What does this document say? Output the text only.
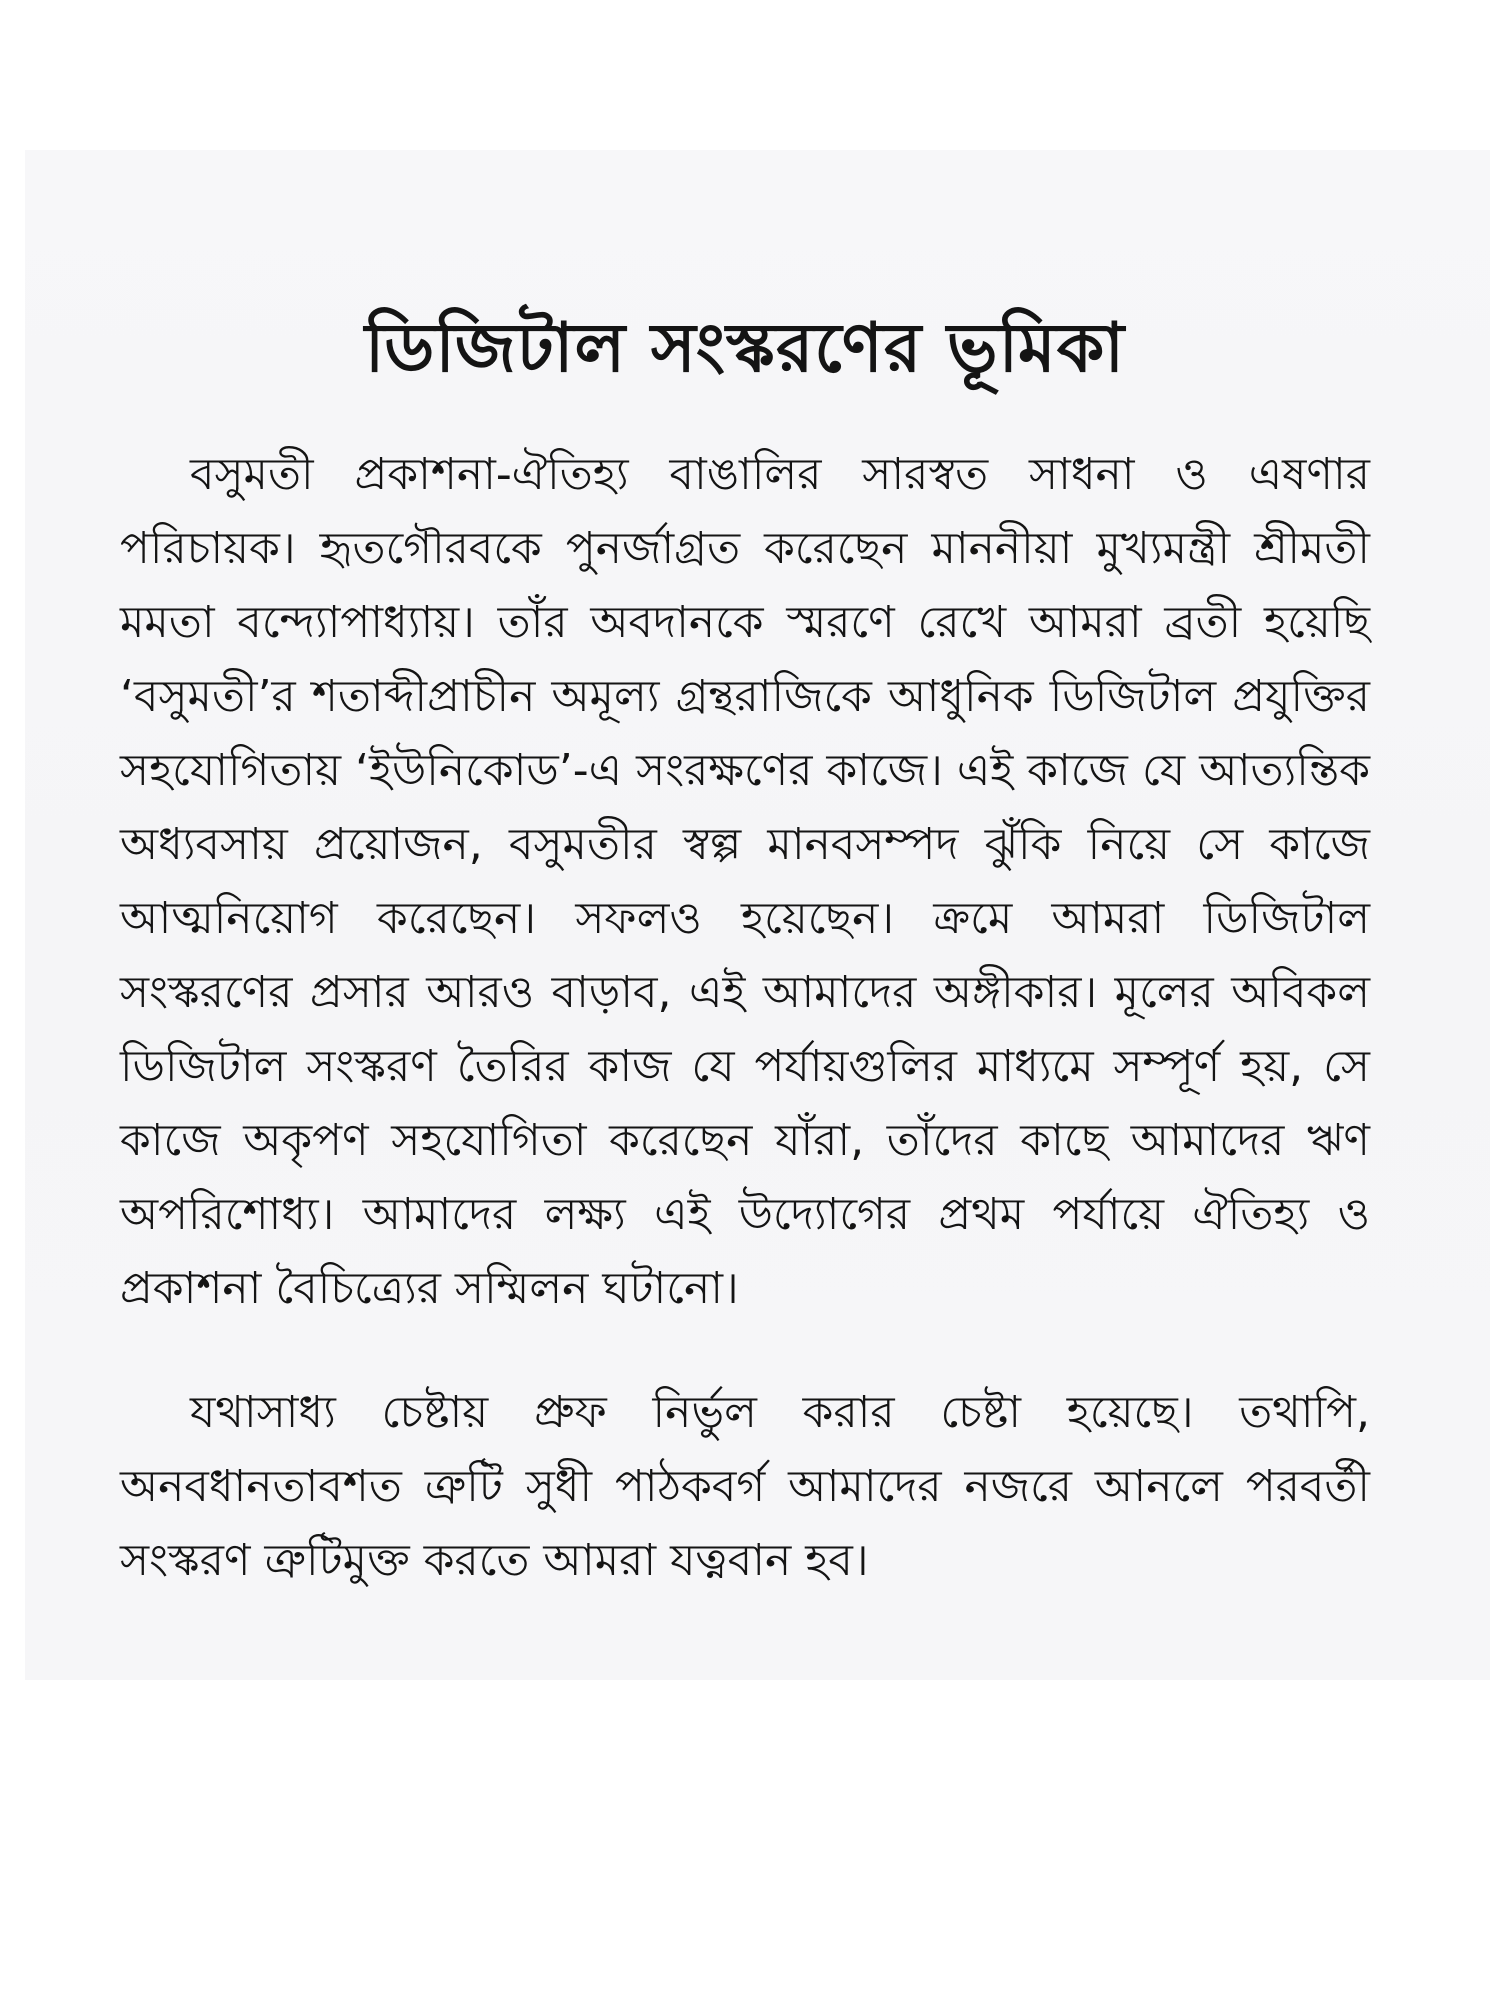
ডিজিটাল সংস্করণের ভূমিকা

বসুমতী প্রকাশনা-ঐতিহ্য বাঙালির সারস্বত সাধনা ও এষণার পরিচায়ক। হৃতগৌরবকে পুনর্জাগ্রত করেছেন মাননীয়া মুখ্যমন্ত্রী শ্রীমতী মমতা বন্দ্যোপাধ্যায়। তাঁর অবদানকে স্মরণে রেখে আমরা ব্রতী হয়েছি ‘বসুমতী’র শতাব্দীপ্রাচীন অমূল্য গ্রন্থরাজিকে আধুনিক ডিজিটাল প্রযুক্তির সহযোগিতায় ‘ইউনিকোড’-এ সংরক্ষণের কাজে। এই কাজে যে আত্যন্তিক অধ্যবসায় প্রয়োজন, বসুমতীর স্বল্প মানবসম্পদ ঝুঁকি নিয়ে সে কাজে আত্মনিয়োগ করেছেন। সফলও হয়েছেন। ক্রমে আমরা ডিজিটাল সংস্করণের প্রসার আরও বাড়াব, এই আমাদের অঙ্গীকার। মূলের অবিকল ডিজিটাল সংস্করণ তৈরির কাজ যে পর্যায়গুলির মাধ্যমে সম্পূর্ণ হয়, সে কাজে অকৃপণ সহযোগিতা করেছেন যাঁরা, তাঁদের কাছে আমাদের ঋণ অপরিশোধ্য। আমাদের লক্ষ্য এই উদ্যোগের প্রথম পর্যায়ে ঐতিহ্য ও প্রকাশনা বৈচিত্র্যের সম্মিলন ঘটানো।

যথাসাধ্য চেষ্টায় প্রুফ নির্ভুল করার চেষ্টা হয়েছে। তথাপি, অনবধানতাবশত ত্রুটি সুধী পাঠকবর্গ আমাদের নজরে আনলে পরবর্তী সংস্করণ ত্রুটিমুক্ত করতে আমরা যত্নবান হব।
